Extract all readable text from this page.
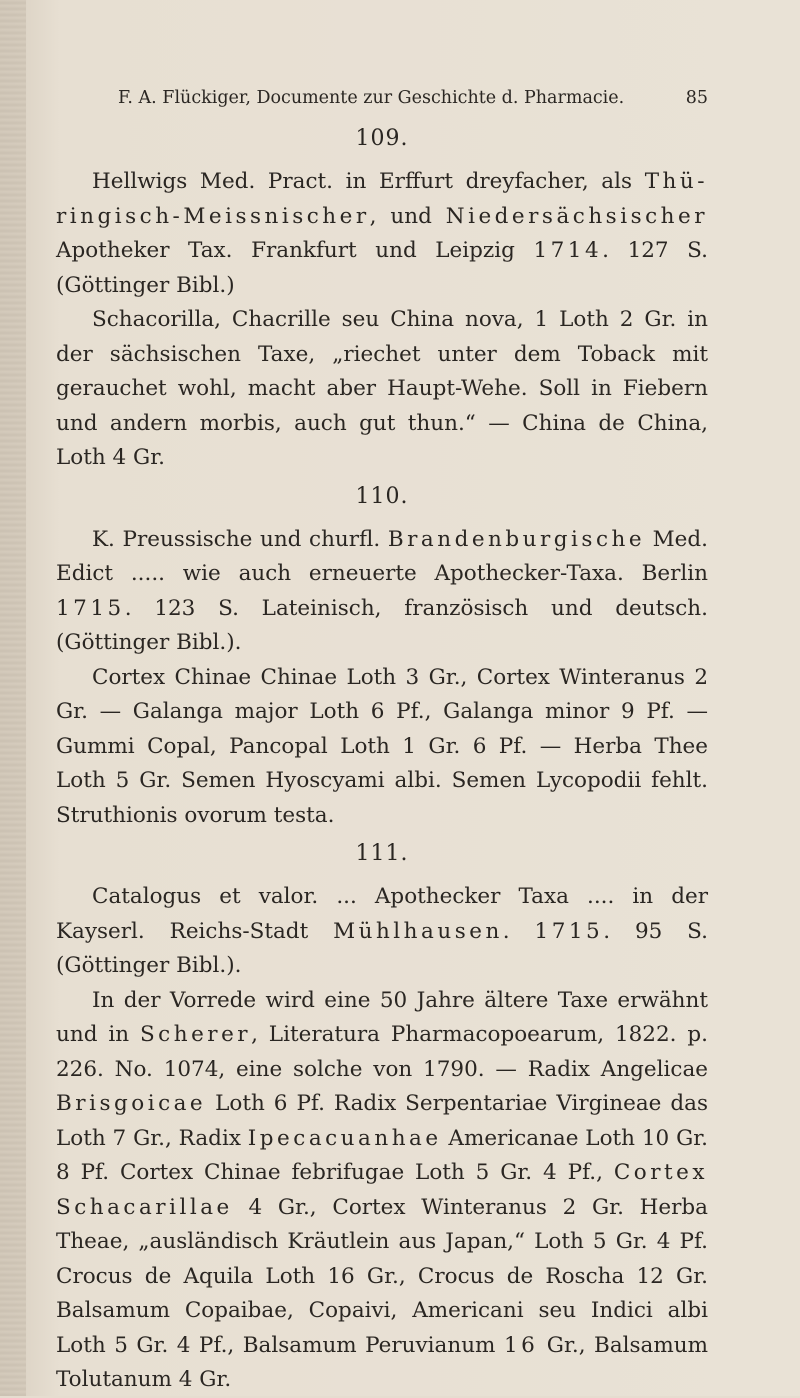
F. A. Flückiger, Documente zur Geschichte d. Pharmacie.	85
109.

Hellwigs Med. Pract. in Erffurt dreyfacher, als Thü-ringisch-Meissnischer, und Niedersächsischer Apotheker Tax. Frankfurt und Leipzig 1714. 127 S. (Göttinger Bibl.)

Schacorilla, Chacrille seu China nova, 1 Loth 2 Gr. in der sächsischen Taxe, „riechet unter dem Toback mit gerauchet wohl, macht aber Haupt-Wehe. Soll in Fiebern und andern morbis, auch gut thun.“ — China de China, Loth 4 Gr.

110.

K. Preussische und churfl. Brandenburgische Med. Edict ..... wie auch erneuerte Apothecker-Taxa. Berlin 1715. 123 S. Lateinisch, französisch und deutsch. (Göttinger Bibl.).

Cortex Chinae Chinae Loth 3 Gr., Cortex Winteranus 2 Gr. — Galanga major Loth 6 Pf., Galanga minor 9 Pf. — Gummi Copal, Pancopal Loth 1 Gr. 6 Pf. — Herba Thee Loth 5 Gr. Semen Hyoscyami albi. Semen Lycopodii fehlt. Struthionis ovorum testa.

111.

Catalogus et valor. ... Apothecker Taxa .... in der Kayserl. Reichs-Stadt Mühlhausen. 1715. 95 S. (Göttinger Bibl.).

In der Vorrede wird eine 50 Jahre ältere Taxe erwähnt und in Scherer, Literatura Pharmacopoearum, 1822. p. 226. No. 1074, eine solche von 1790. — Radix Angelicae Brisgoicae Loth 6 Pf. Radix Serpentariae Virgineae das Loth 7 Gr., Radix Ipecacuanhae Americanae Loth 10 Gr. 8 Pf. Cortex Chinae febrifugae Loth 5 Gr. 4 Pf., Cortex Schacarillae 4 Gr., Cortex Winteranus 2 Gr. Herba Theae, „ausländisch Kräutlein aus Japan,“ Loth 5 Gr. 4 Pf. Crocus de Aquila Loth 16 Gr., Crocus de Roscha 12 Gr. Balsamum Copaibae, Copaivi, Americani seu Indici albi Loth 5 Gr. 4 Pf., Balsamum Peruvianum 16 Gr., Balsamum Tolutanum 4 Gr.
